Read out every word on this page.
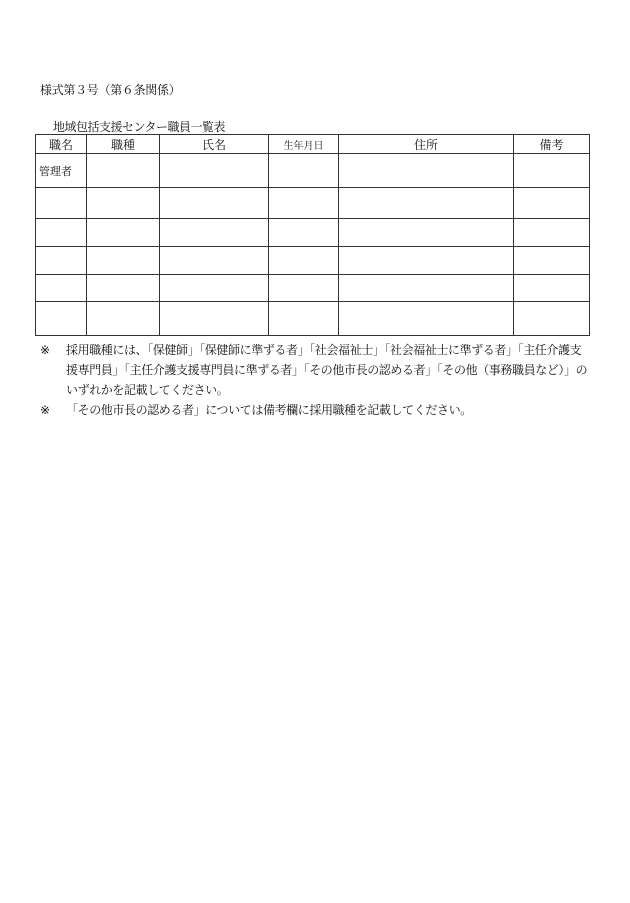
様式第３号（第６条関係）
地域包括支援センター職員一覧表
職名	職種	氏名	生年月日	住所	備考
管理者					

※ 採用職種には、「保健師」「保健師に準ずる者」「社会福祉士」「社会福祉士に準ずる者」「主任介護支援専門員」「主任介護支援専門員に準ずる者」「その他市長の認める者」「その他（事務職員など）」のいずれかを記載してください。
※ 「その他市長の認める者」については備考欄に採用職種を記載してください。
